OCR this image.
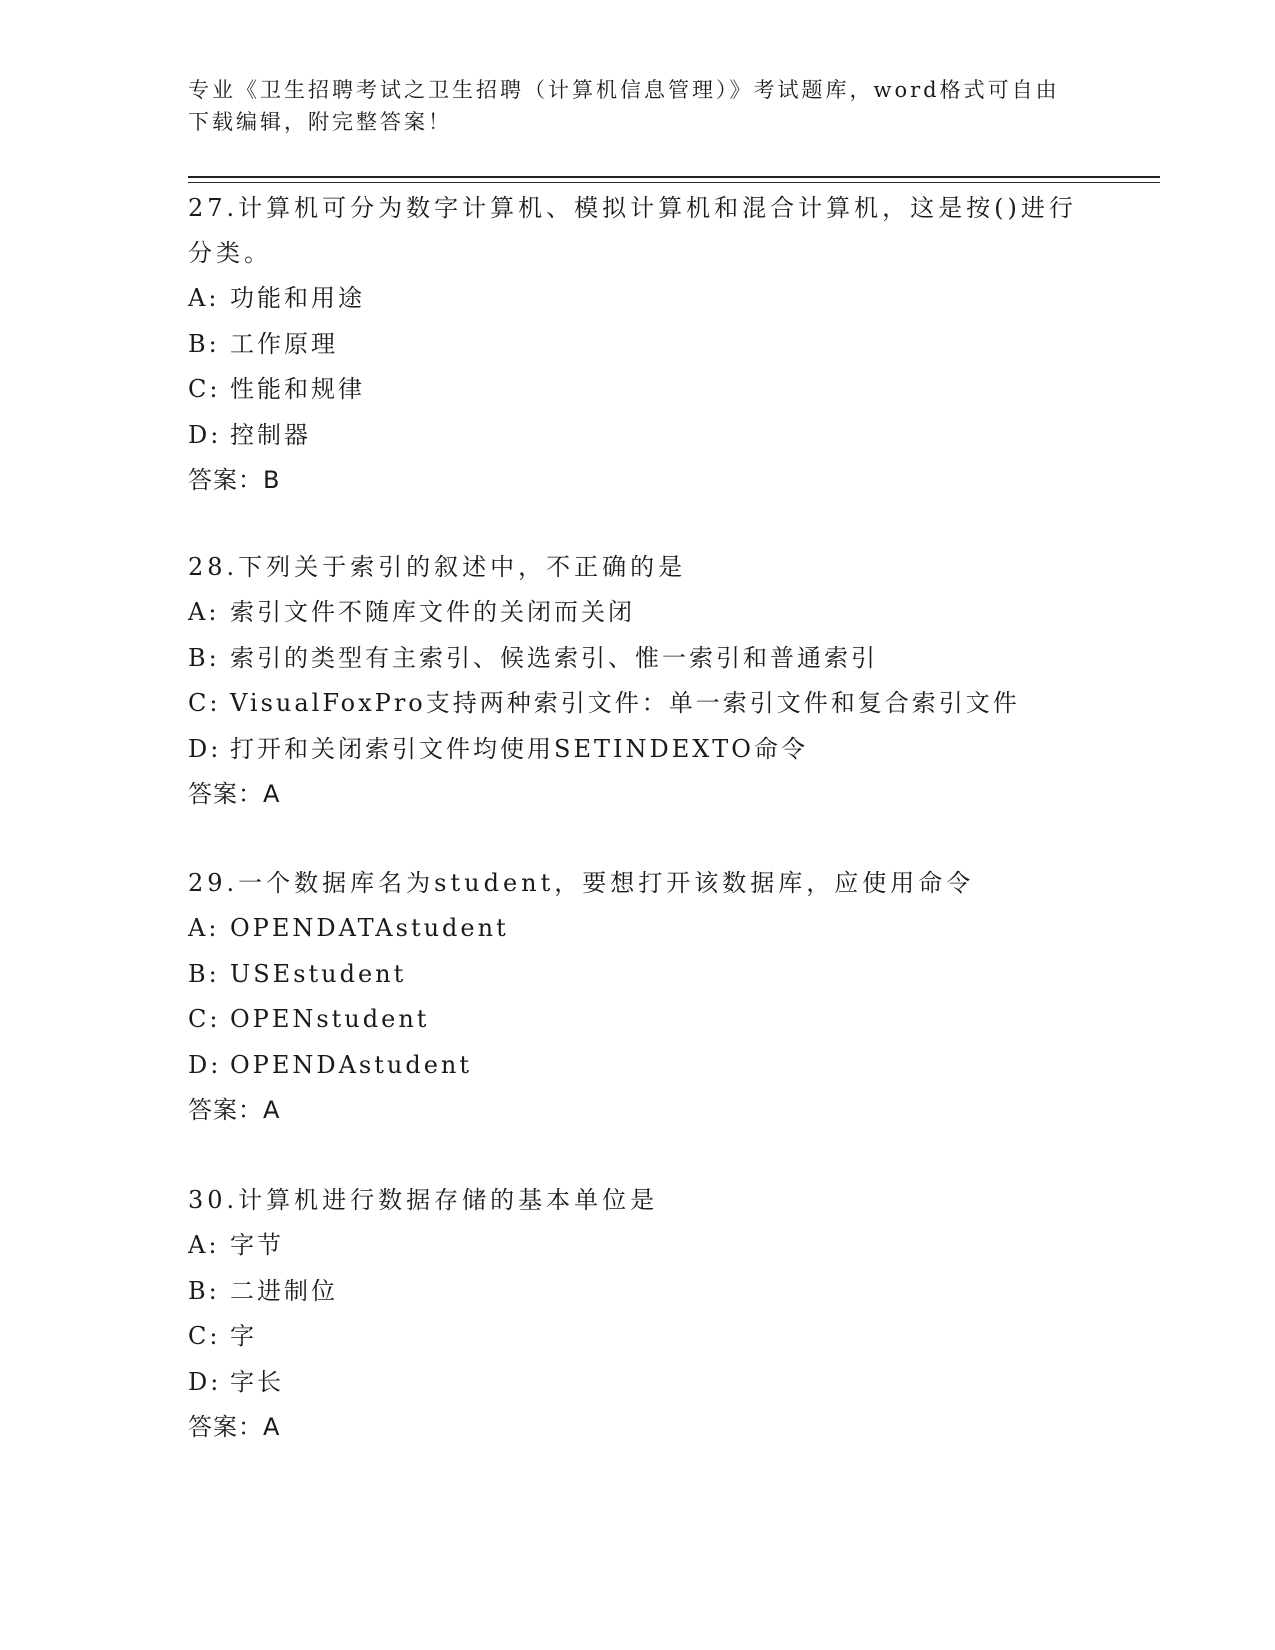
专业《卫生招聘考试之卫生招聘（计算机信息管理）》考试题库，word格式可自由下载编辑，附完整答案！

27.计算机可分为数字计算机、模拟计算机和混合计算机，这是按()进行分类。

A: 功能和用途
B: 工作原理
C: 性能和规律
D: 控制器

答案：B

28.下列关于索引的叙述中，不正确的是

A: 索引文件不随库文件的关闭而关闭
B: 索引的类型有主索引、候选索引、惟一索引和普通索引
C: VisualFoxPro支持两种索引文件：单一索引文件和复合索引文件
D: 打开和关闭索引文件均使用SETINDEXTO命令

答案：A

29.一个数据库名为student，要想打开该数据库，应使用命令

A: OPENDATAstudent
B: USEstudent
C: OPENstudent
D: OPENDAstudent

答案：A

30.计算机进行数据存储的基本单位是

A: 字节
B: 二进制位
C: 字
D: 字长

答案：A
